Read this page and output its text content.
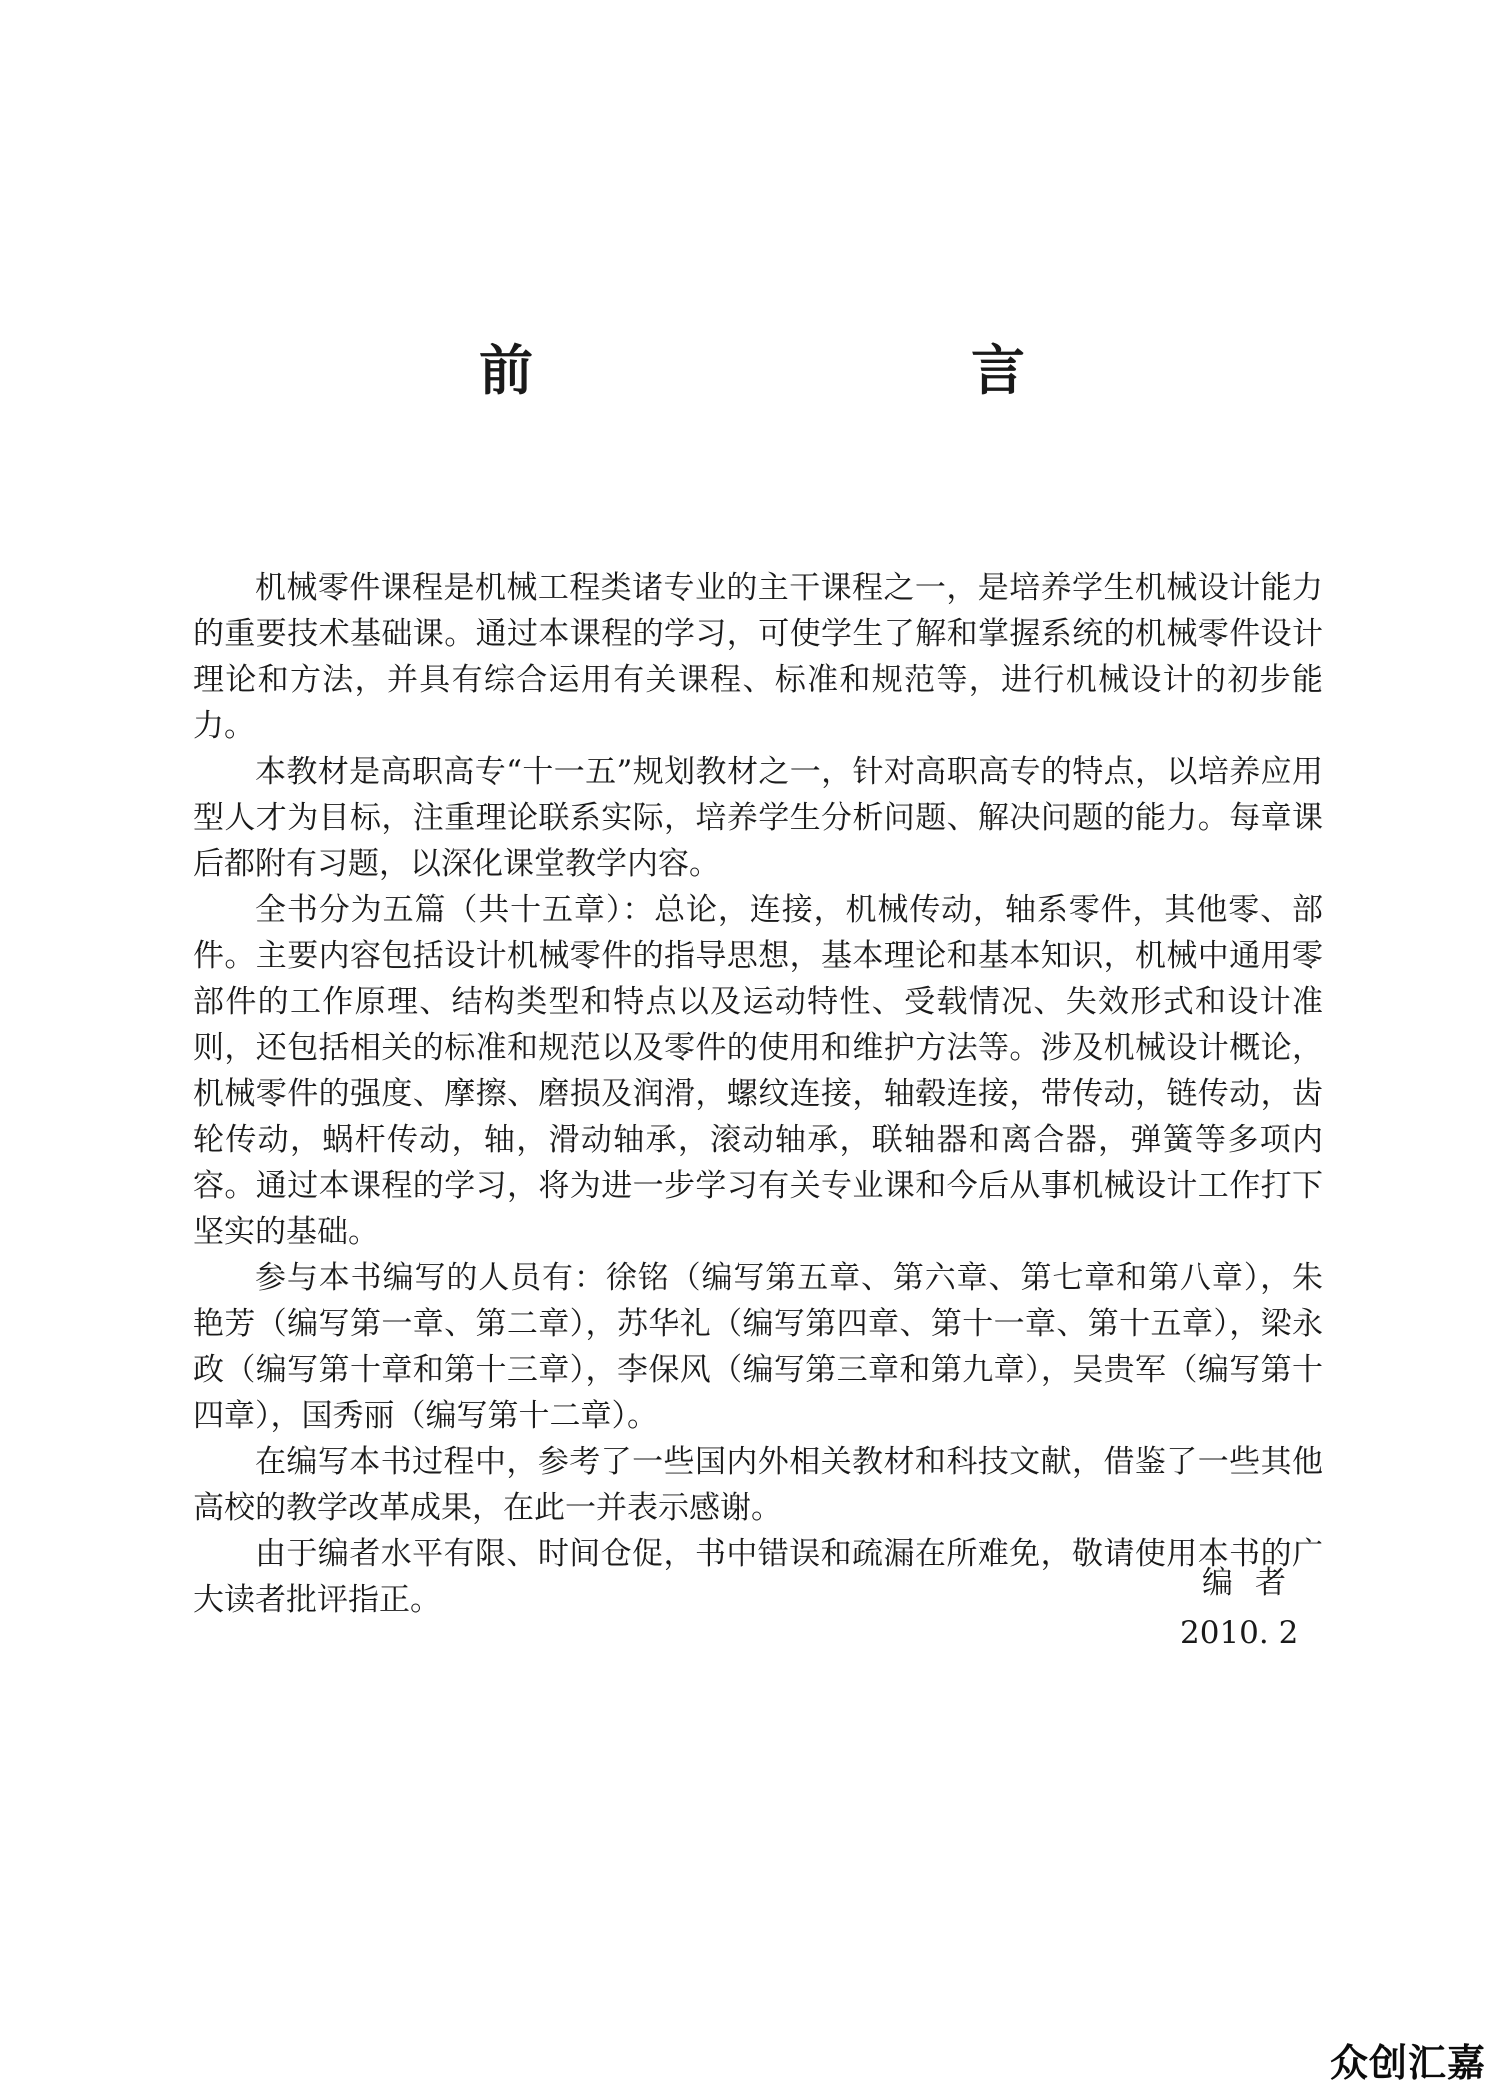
前　　言

机械零件课程是机械工程类诸专业的主干课程之一，是培养学生机械设计能力的重要技术基础课。通过本课程的学习，可使学生了解和掌握系统的机械零件设计理论和方法，并具有综合运用有关课程、标准和规范等，进行机械设计的初步能力。

本教材是高职高专“十一五”规划教材之一，针对高职高专的特点，以培养应用型人才为目标，注重理论联系实际，培养学生分析问题、解决问题的能力。每章课后都附有习题，以深化课堂教学内容。

全书分为五篇（共十五章）：总论，连接，机械传动，轴系零件，其他零、部件。主要内容包括设计机械零件的指导思想，基本理论和基本知识，机械中通用零部件的工作原理、结构类型和特点以及运动特性、受载情况、失效形式和设计准则，还包括相关的标准和规范以及零件的使用和维护方法等。涉及机械设计概论，机械零件的强度、摩擦、磨损及润滑，螺纹连接，轴毂连接，带传动，链传动，齿轮传动，蜗杆传动，轴，滑动轴承，滚动轴承，联轴器和离合器，弹簧等多项内容。通过本课程的学习，将为进一步学习有关专业课和今后从事机械设计工作打下坚实的基础。

参与本书编写的人员有：徐铭（编写第五章、第六章、第七章和第八章），朱艳芳（编写第一章、第二章），苏华礼（编写第四章、第十一章、第十五章），梁永政（编写第十章和第十三章），李保风（编写第三章和第九章），吴贵军（编写第十四章），国秀丽（编写第十二章）。

在编写本书过程中，参考了一些国内外相关教材和科技文献，借鉴了一些其他高校的教学改革成果，在此一并表示感谢。

由于编者水平有限、时间仓促，书中错误和疏漏在所难免，敬请使用本书的广大读者批评指正。	编者
2010. 2
众创汇嘉
